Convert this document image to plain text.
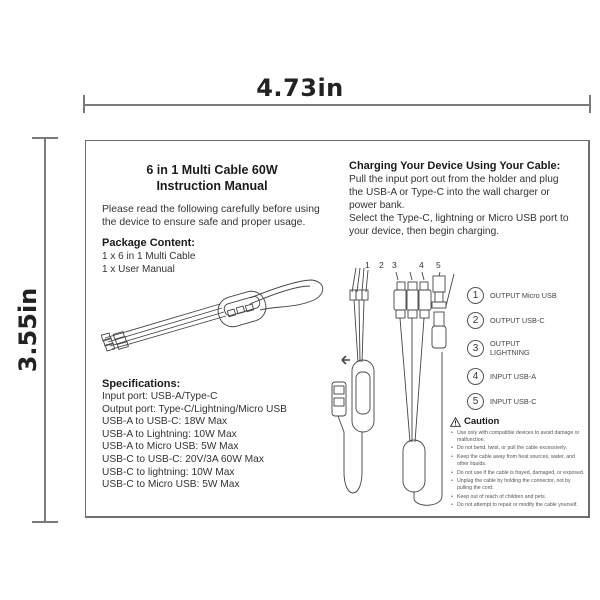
4.73in
3.55in
6 in 1 Multi Cable 60W
Instruction Manual
Please read the following carefully before using
the device to ensure safe and proper usage.
Package Content:
1 x 6 in 1 Multi Cable
1 x User Manual
Specifications:
Input port: USB-A/Type-C
Output port: Type-C/Lightning/Micro USB
USB-A to USB-C: 18W Max
USB-A to Lightning: 10W Max
USB-A to Micro USB: 5W Max
USB-C to USB-C: 20V/3A 60W Max
USB-C to lightning: 10W Max
USB-C to Micro USB: 5W Max
Charging Your Device Using Your Cable:
Pull the input port out from the holder and plug
the USB-A or Type-C into the wall charger or
power bank.
Select the Type-C, lightning or Micro USB port to
your device, then begin charging.
1 2 3	4 5
1	OUTPUT Micro USB
2	OUTPUT USB-C
3	OUTPUT
LIGHTNING
4	INPUT USB-A
5	INPUT USB-C
Caution
• Use only with compatible devices to avoid damage or malfunction.
• Do not bend, twist, or pull the cable excessively.
• Keep the cable away from heat sources, water, and other liquids.
• Do not use if the cable is frayed, damaged, or exposed.
• Unplug the cable by holding the connector, not by pulling the cord.
• Keep out of reach of children and pets.
• Do not attempt to repair or modify the cable yourself.
